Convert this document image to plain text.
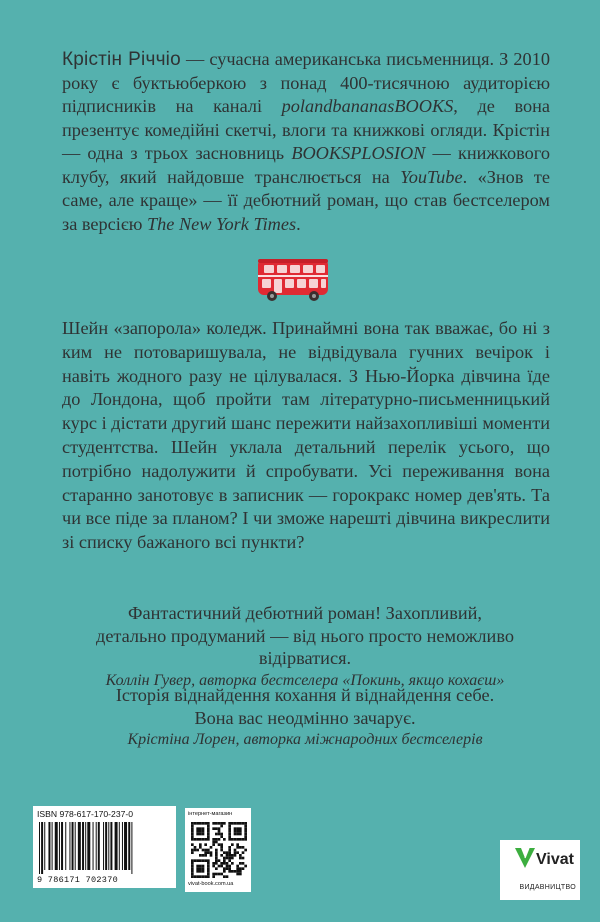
Крістін Річчіо — сучасна американська письменниця. З 2010 року є буктьюберкою з понад 400-тисячною аудиторією підписників на каналі polandbananasBOOKS, де вона презентує комедійні скетчі, влоги та книжкові огляди. Крістін — одна з трьох засновниць BOOKSPLOSION — книжкового клубу, який найдовше транслюється на YouTube. «Знов те саме, але краще» — її дебютний роман, що став бестселером за версією The New York Times.

Шейн «запорола» коледж. Принаймні вона так вважає, бо ні з ким не потоваришувала, не відвідувала гучних вечірок і навіть жодного разу не цілувалася. З Нью-Йорка дівчина їде до Лондона, щоб пройти там літературно-письменницький курс і дістати другий шанс пережити найзахопливіші моменти студентства. Шейн уклала детальний перелік усього, що потрібно надолужити й спробувати. Усі переживання вона старанно занотовує в записник — горокракс номер дев'ять. Та чи все піде за планом? І чи зможе нарешті дівчина викреслити зі списку бажаного всі пункти?

Фантастичний дебютний роман! Захопливий,
детально продуманий — від нього просто неможливо відірватися.
Коллін Гувер, авторка бестселера «Покинь, якщо кохаєш»
Історія віднайдення кохання й віднайдення себе.
Вона вас неодмінно зачарує.
Крістіна Лорен, авторка міжнародних бестселерів
ISBN 978-617-170-237-0
9 786171 702370
інтернет-магазин
vivat-book.com.ua
Vivat
ВИДАВНИЦТВО
